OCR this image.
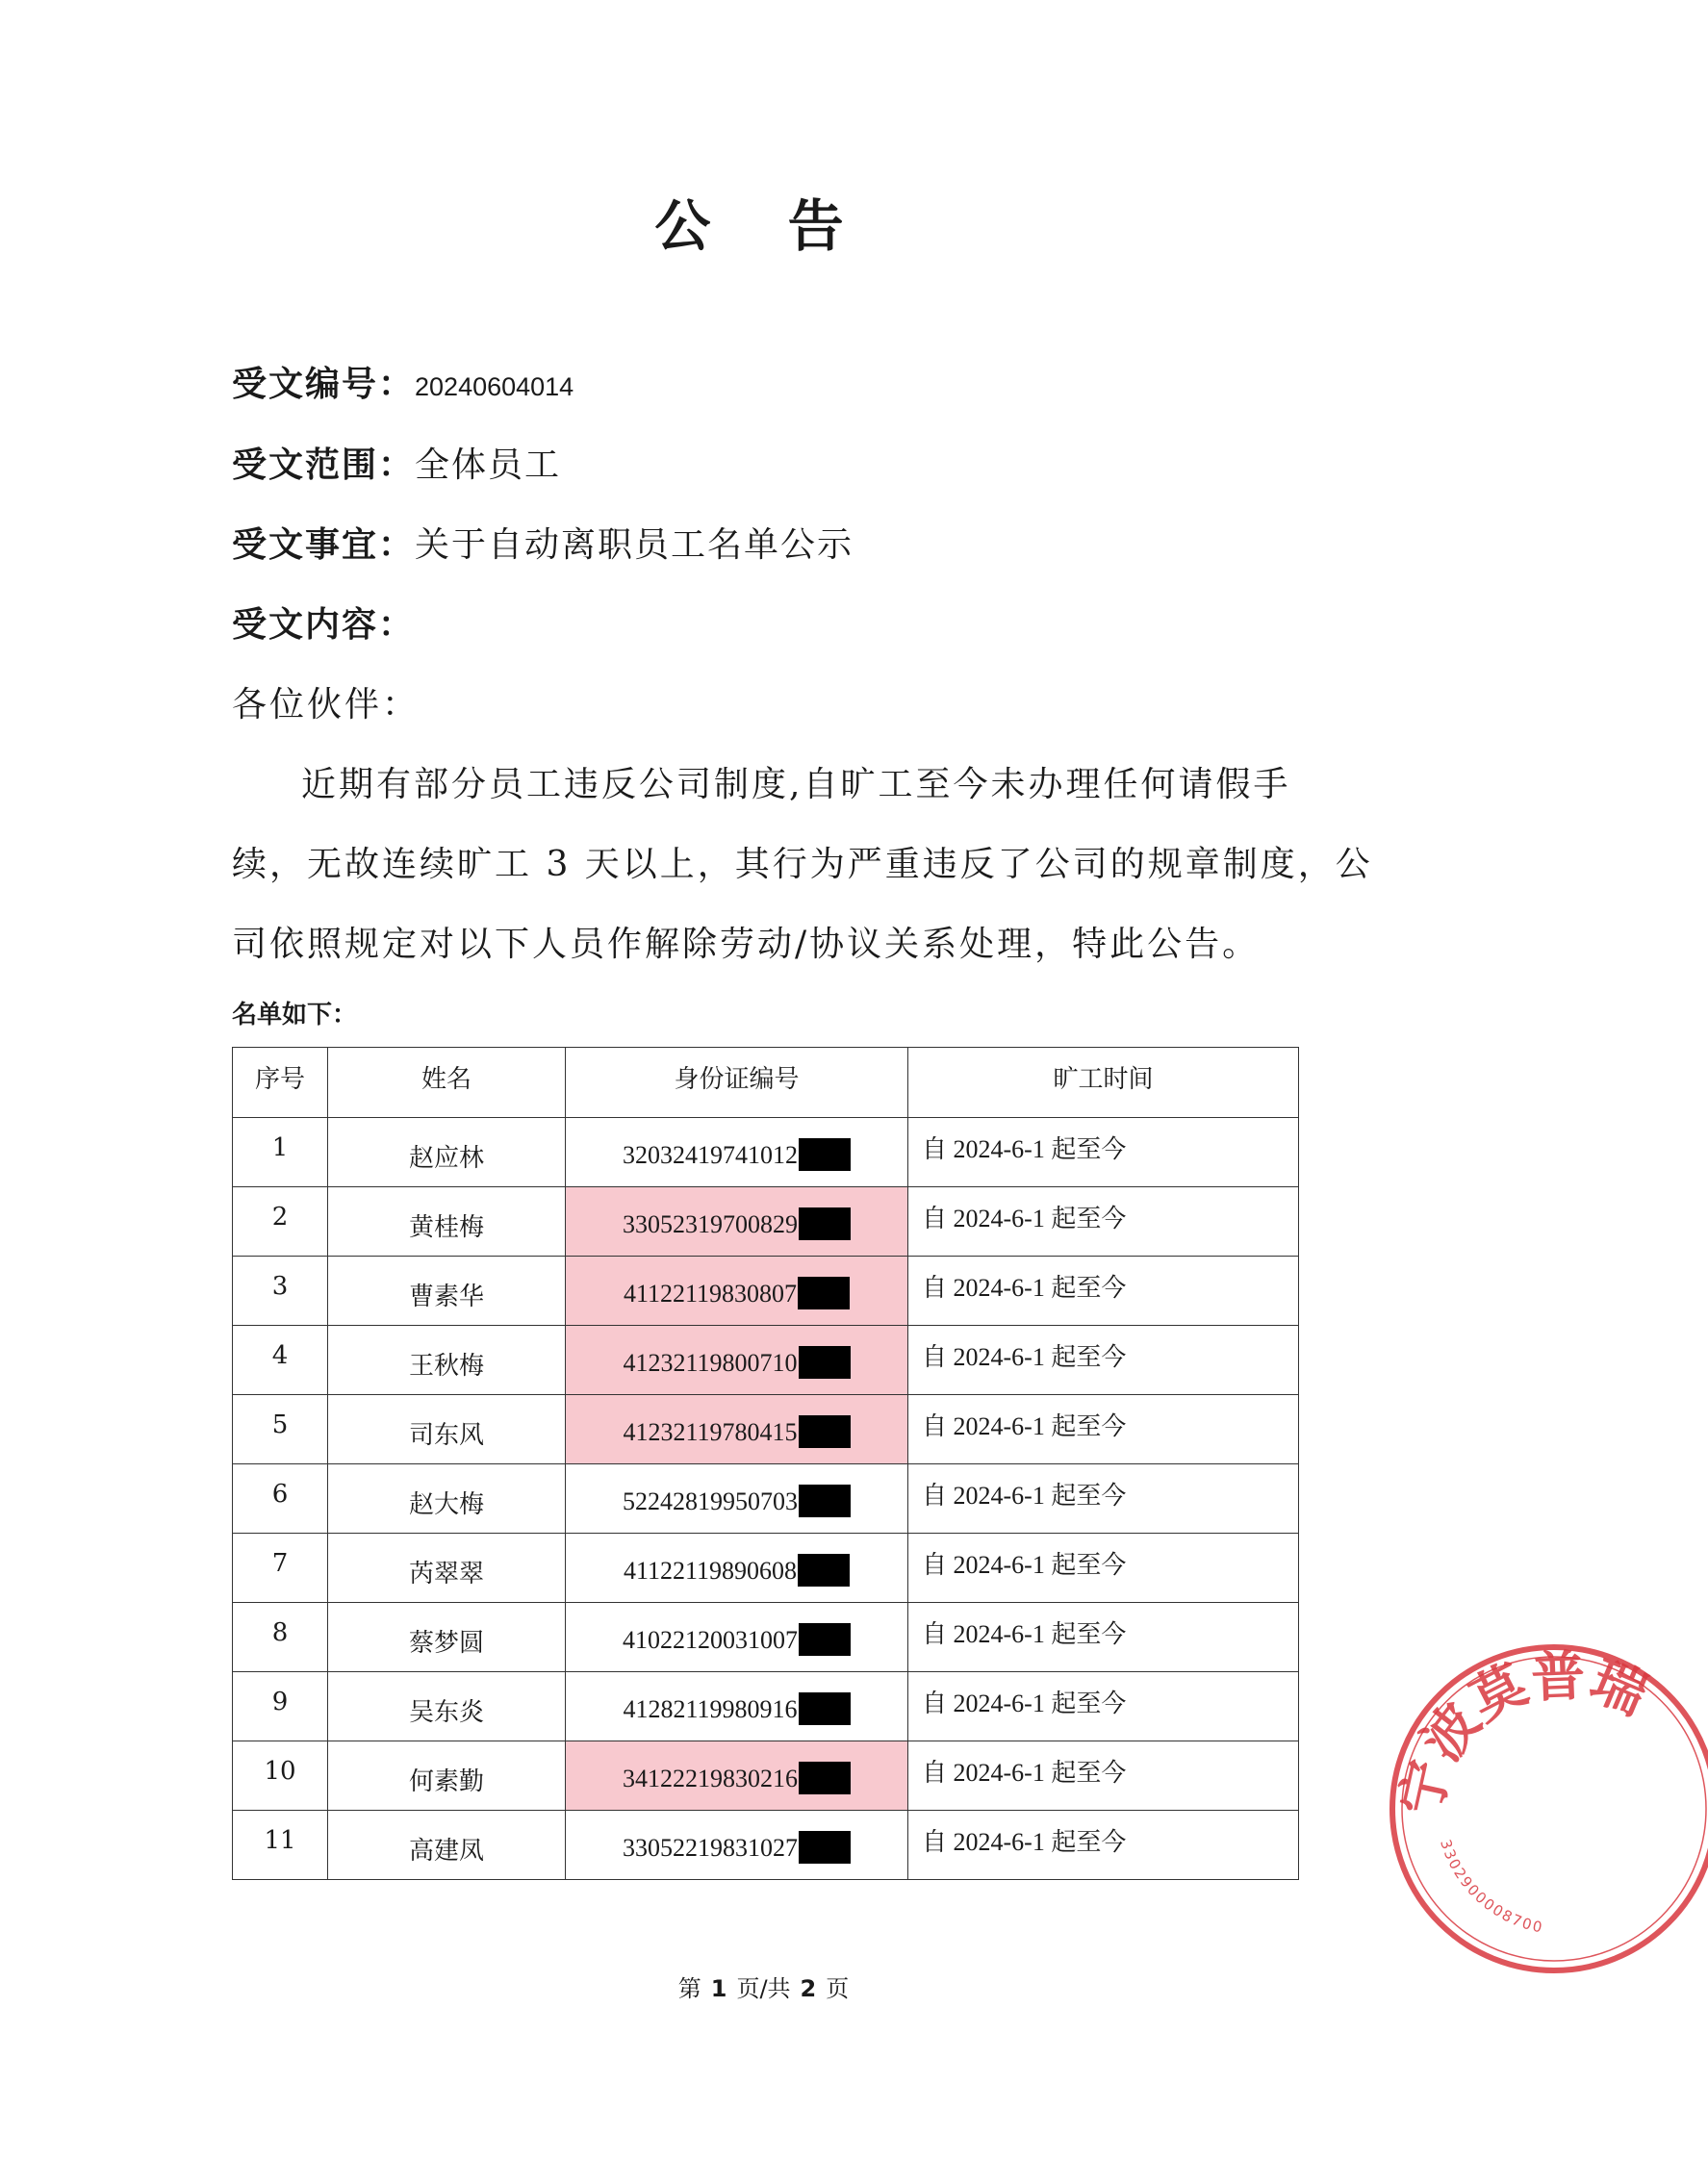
公 告
受文编号：20240604014
受文范围：全体员工
受文事宜：关于自动离职员工名单公示
受文内容：
各位伙伴：
近期有部分员工违反公司制度,自旷工至今未办理任何请假手
续，无故连续旷工 3 天以上，其行为严重违反了公司的规章制度，公
司依照规定对以下人员作解除劳动/协议关系处理，特此公告。
名单如下：
序号	姓名	身份证编号	旷工时间
1	赵应林	32032419741012	自 2024-6-1 起至今
2	黄桂梅	33052319700829	自 2024-6-1 起至今
3	曹素华	41122119830807	自 2024-6-1 起至今
4	王秋梅	41232119800710	自 2024-6-1 起至今
5	司东风	41232119780415	自 2024-6-1 起至今
6	赵大梅	52242819950703	自 2024-6-1 起至今
7	芮翠翠	41122119890608	自 2024-6-1 起至今
8	蔡梦圆	41022120031007	自 2024-6-1 起至今
9	吴东炎	41282119980916	自 2024-6-1 起至今
10	何素勤	34122219830216	自 2024-6-1 起至今
11	高建凤	33052219831027	自 2024-6-1 起至今
第 1 页/共 2 页
宁波莫普瑞
3302900008700
